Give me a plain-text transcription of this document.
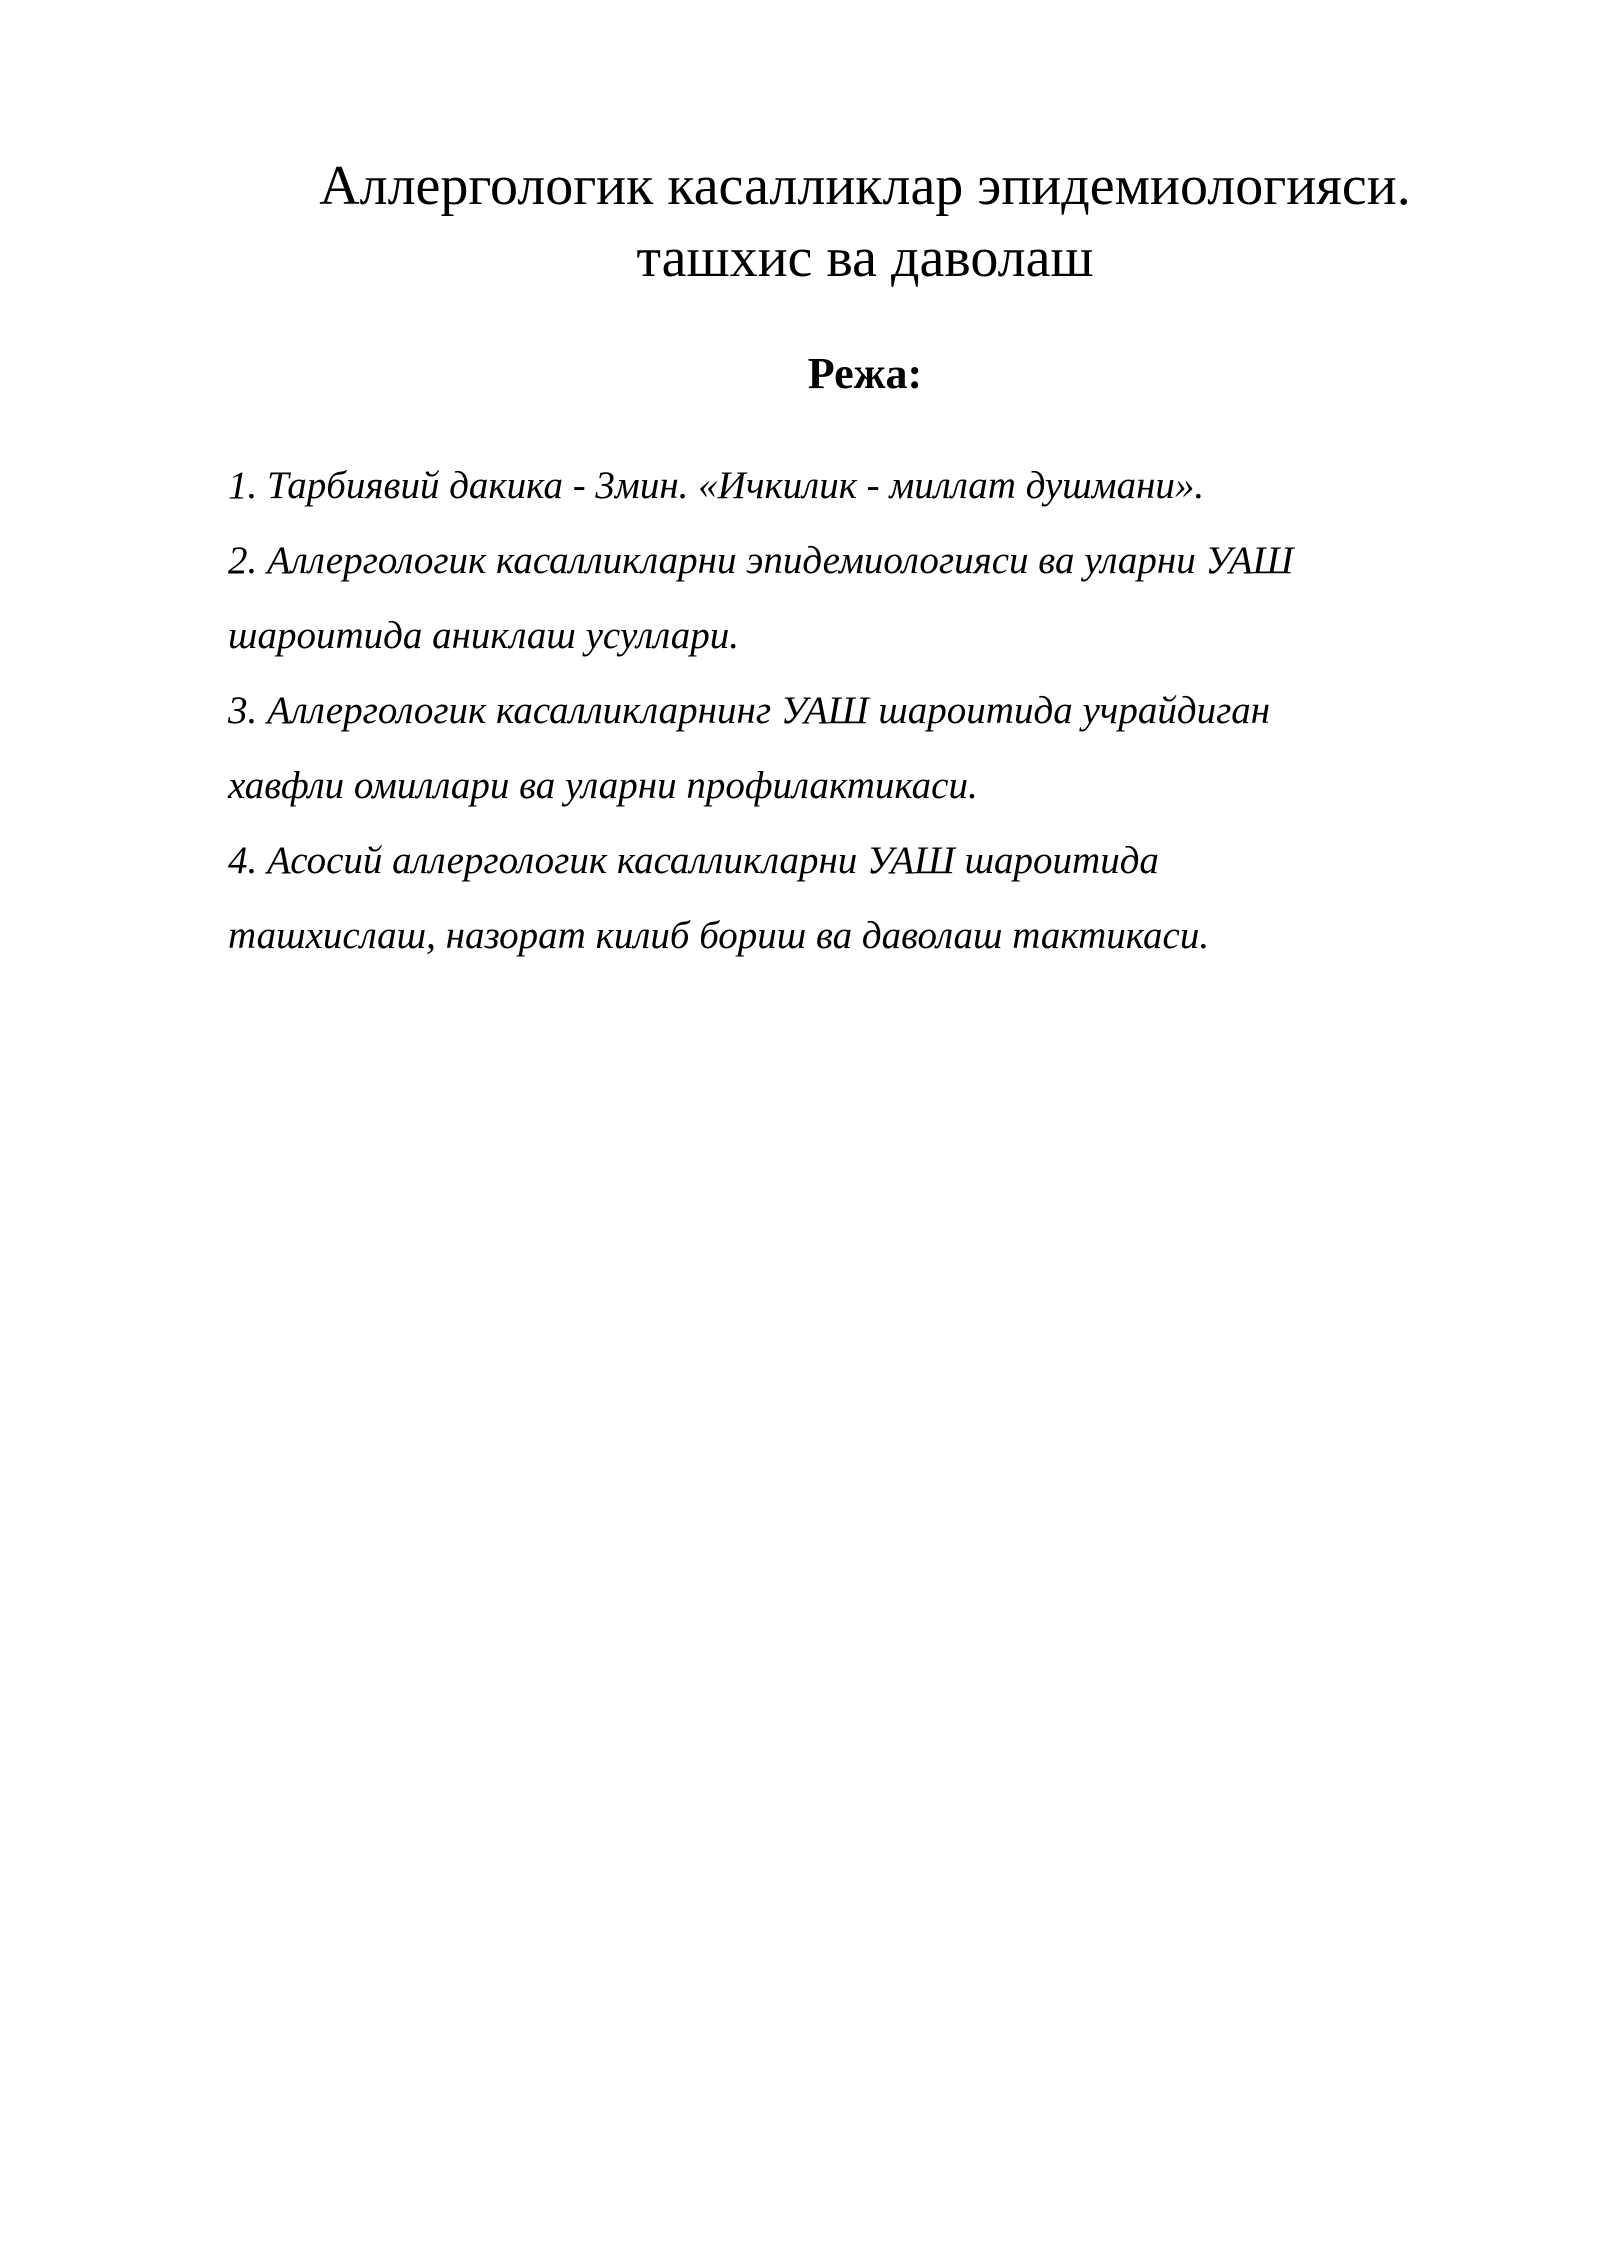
Аллергологик касалликлар эпидемиологияси.
ташхис ва даволаш
Режа:
1. Тарбиявий дакика - 3мин. «Ичкилик - миллат душмани».
2. Аллергологик касалликларни эпидемиологияси ва уларни УАШ
шароитида аниклаш усуллари.
3. Аллергологик касалликларнинг УАШ шароитида учрайдиган
хавфли омиллари ва уларни профилактикаси.
4. Асосий аллергологик касалликларни УАШ шароитида
ташхислаш, назорат килиб бориш ва даволаш тактикаси.
